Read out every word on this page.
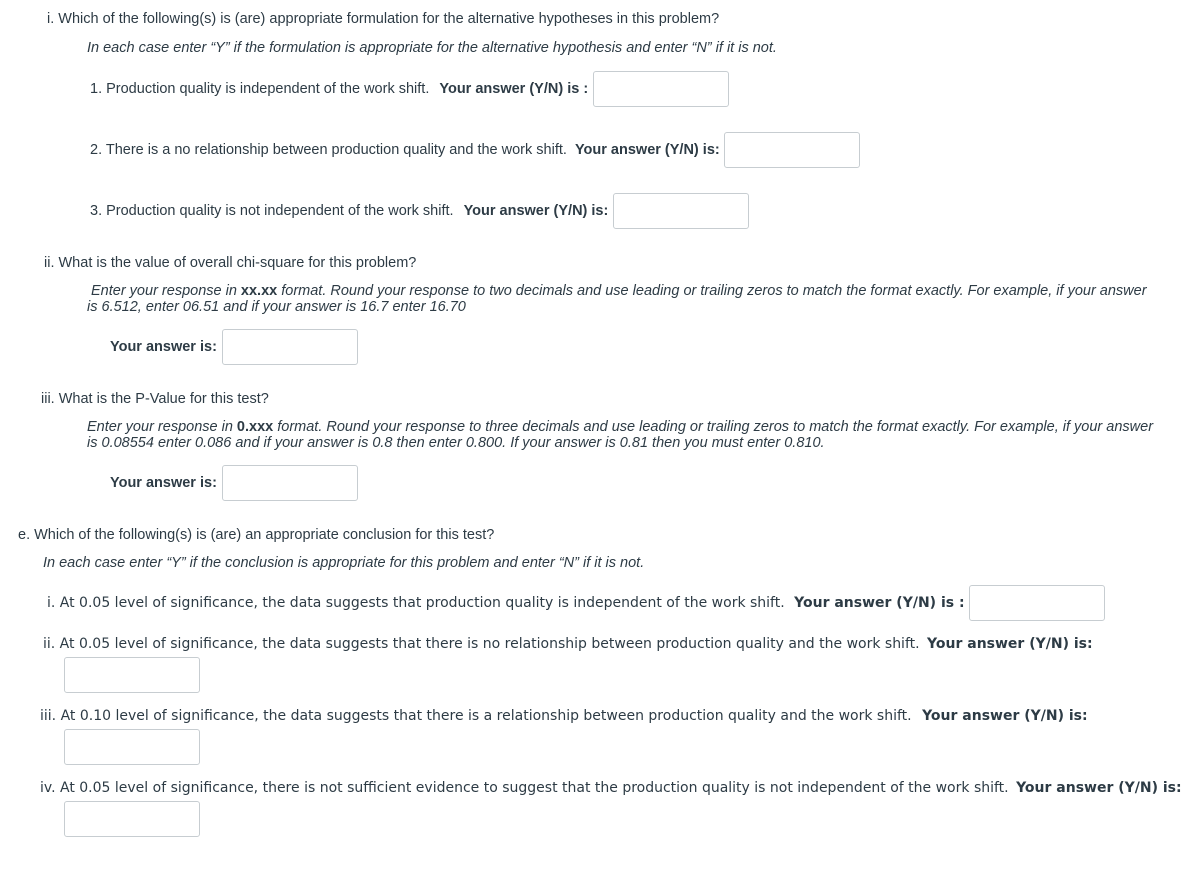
i. Which of the following(s) is (are) appropriate formulation for the alternative hypotheses in this problem?
In each case enter “Y” if the formulation is appropriate for the alternative hypothesis and enter “N” if it is not.
1. Production quality is independent of the work shift. Your answer (Y/N) is :
2. There is a no relationship between production quality and the work shift. Your answer (Y/N) is:
3. Production quality is not independent of the work shift. Your answer (Y/N) is:
ii. What is the value of overall chi-square for this problem?
Enter your response in xx.xx format. Round your response to two decimals and use leading or trailing zeros to match the format exactly. For example, if your answer is 6.512, enter 06.51 and if your answer is 16.7 enter 16.70
Your answer is:
iii. What is the P-Value for this test?
Enter your response in 0.xxx format. Round your response to three decimals and use leading or trailing zeros to match the format exactly. For example, if your answer is 0.08554 enter 0.086 and if your answer is 0.8 then enter 0.800. If your answer is 0.81 then you must enter 0.810.
Your answer is:
e. Which of the following(s) is (are) an appropriate conclusion for this test?
In each case enter “Y” if the conclusion is appropriate for this problem and enter “N” if it is not.
i. At 0.05 level of significance, the data suggests that production quality is independent of the work shift. Your answer (Y/N) is :
ii. At 0.05 level of significance, the data suggests that there is no relationship between production quality and the work shift. Your answer (Y/N) is:
iii. At 0.10 level of significance, the data suggests that there is a relationship between production quality and the work shift. Your answer (Y/N) is:
iv. At 0.05 level of significance, there is not sufficient evidence to suggest that the production quality is not independent of the work shift. Your answer (Y/N) is:
